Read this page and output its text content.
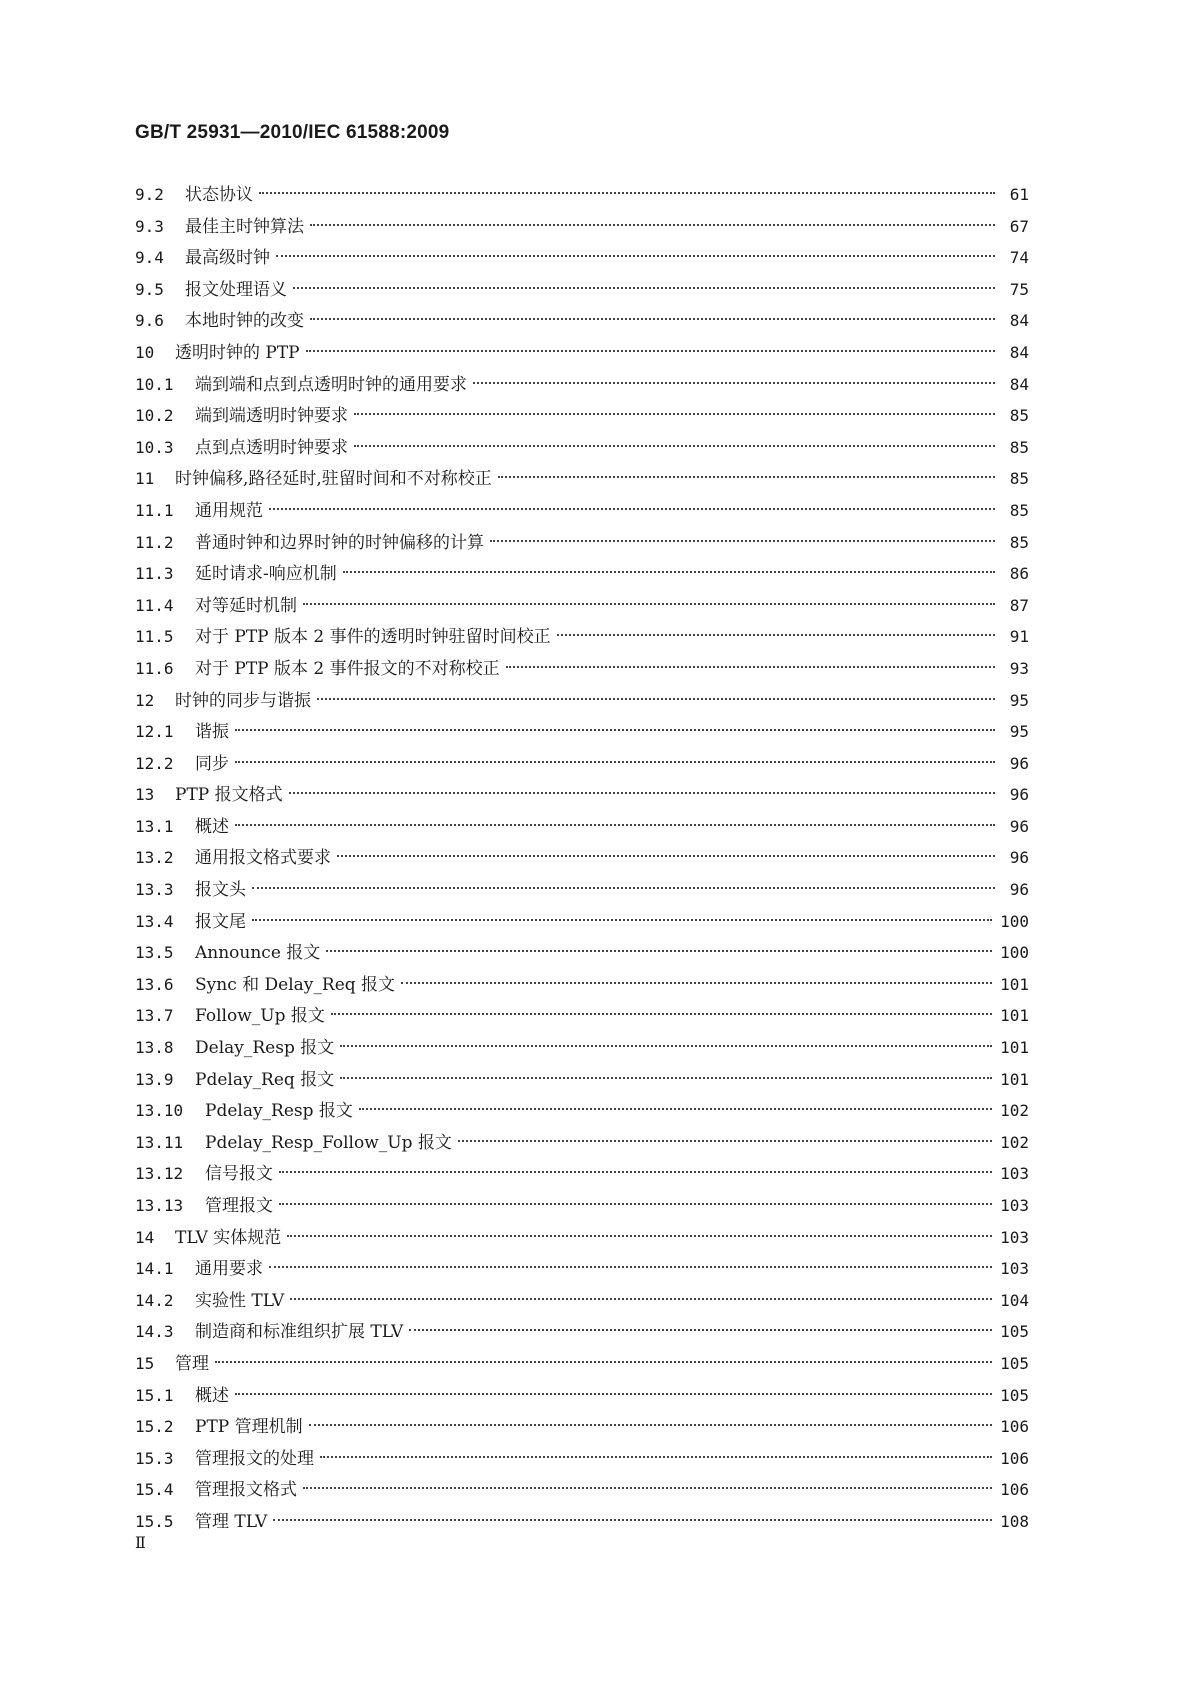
GB/T 25931—2010/IEC 61588:2009
9.2	状态协议	61
9.3	最佳主时钟算法	67
9.4	最高级时钟	74
9.5	报文处理语义	75
9.6	本地时钟的改变	84
10	透明时钟的 PTP	84
10.1	端到端和点到点透明时钟的通用要求	84
10.2	端到端透明时钟要求	85
10.3	点到点透明时钟要求	85
11	时钟偏移,路径延时,驻留时间和不对称校正	85
11.1	通用规范	85
11.2	普通时钟和边界时钟的时钟偏移的计算	85
11.3	延时请求-响应机制	86
11.4	对等延时机制	87
11.5	对于 PTP 版本 2 事件的透明时钟驻留时间校正	91
11.6	对于 PTP 版本 2 事件报文的不对称校正	93
12	时钟的同步与谐振	95
12.1	谐振	95
12.2	同步	96
13	PTP 报文格式	96
13.1	概述	96
13.2	通用报文格式要求	96
13.3	报文头	96
13.4	报文尾	100
13.5	Announce 报文	100
13.6	Sync 和 Delay_Req 报文	101
13.7	Follow_Up 报文	101
13.8	Delay_Resp 报文	101
13.9	Pdelay_Req 报文	101
13.10	Pdelay_Resp 报文	102
13.11	Pdelay_Resp_Follow_Up 报文	102
13.12	信号报文	103
13.13	管理报文	103
14	TLV 实体规范	103
14.1	通用要求	103
14.2	实验性 TLV	104
14.3	制造商和标准组织扩展 TLV	105
15	管理	105
15.1	概述	105
15.2	PTP 管理机制	106
15.3	管理报文的处理	106
15.4	管理报文格式	106
15.5	管理 TLV	108
Ⅱ
